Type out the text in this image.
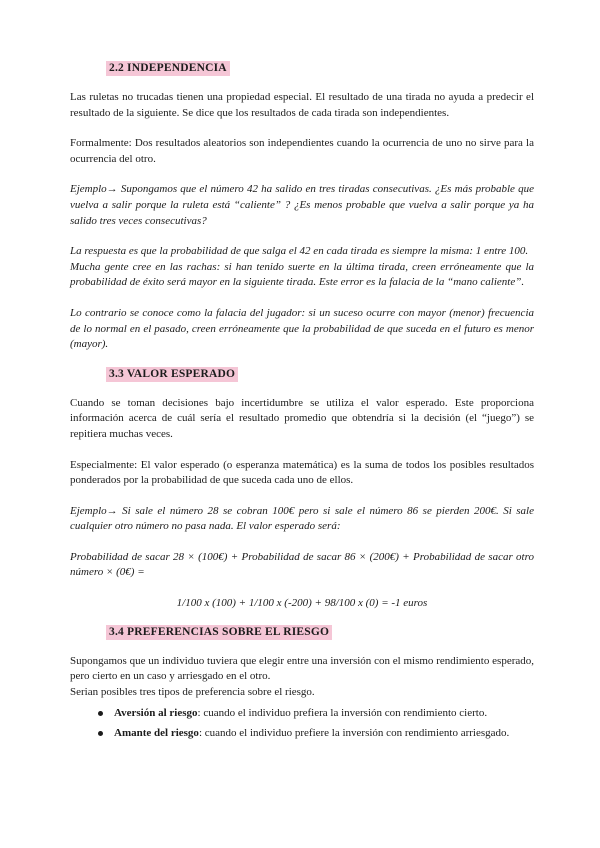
2.2 INDEPENDENCIA

Las ruletas no trucadas tienen una propiedad especial. El resultado de una tirada no ayuda a predecir el resultado de la siguiente. Se dice que los resultados de cada tirada son independientes.

Formalmente: Dos resultados aleatorios son independientes cuando la ocurrencia de uno no sirve para la ocurrencia del otro.

Ejemplo→ Supongamos que el número 42 ha salido en tres tiradas consecutivas. ¿Es más probable que vuelva a salir porque la ruleta está “caliente” ? ¿Es menos probable que vuelva a salir porque ya ha salido tres veces consecutivas?

La respuesta es que la probabilidad de que salga el 42 en cada tirada es siempre la misma: 1 entre 100.

Mucha gente cree en las rachas: si han tenido suerte en la última tirada, creen erróneamente que la probabilidad de éxito será mayor en la siguiente tirada. Este error es la falacia de la “mano caliente”.

Lo contrario se conoce como la falacia del jugador: si un suceso ocurre con mayor (menor) frecuencia de lo normal en el pasado, creen erróneamente que la probabilidad de que suceda en el futuro es menor (mayor).

3.3 VALOR ESPERADO

Cuando se toman decisiones bajo incertidumbre se utiliza el valor esperado. Este proporciona información acerca de cuál sería el resultado promedio que obtendría si la decisión (el “juego”) se repitiera muchas veces.

Especialmente: El valor esperado (o esperanza matemática) es la suma de todos los posibles resultados ponderados por la probabilidad de que suceda cada uno de ellos.

Ejemplo→ Si sale el número 28 se cobran 100€ pero si sale el número 86 se pierden 200€. Si sale cualquier otro número no pasa nada. El valor esperado será:

Probabilidad de sacar 28 × (100€) + Probabilidad de sacar 86 × (200€) + Probabilidad de sacar otro número × (0€) =

1/100 x (100) + 1/100 x (-200) + 98/100 x (0) = -1 euros

3.4 PREFERENCIAS SOBRE EL RIESGO

Supongamos que un individuo tuviera que elegir entre una inversión con el mismo rendimiento esperado, pero cierto en un caso y arriesgado en el otro.

Serian posibles tres tipos de preferencia sobre el riesgo.

Aversión al riesgo: cuando el individuo prefiera la inversión con rendimiento cierto.
Amante del riesgo: cuando el individuo prefiere la inversión con rendimiento arriesgado.
